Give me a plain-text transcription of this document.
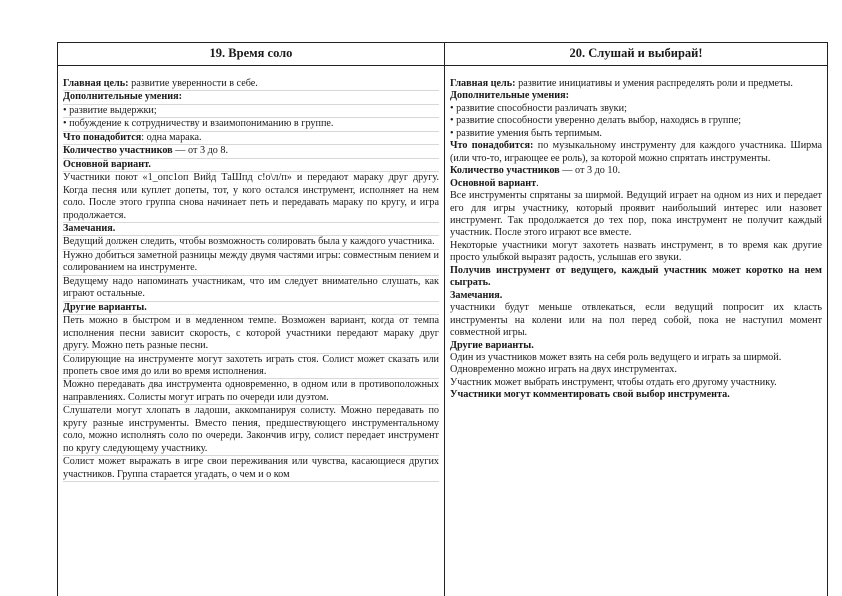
19. Время соло

Главная цель: развитие уверенности в себе.

Дополнительные умения:

• развитие выдержки;

• побуждение к сотрудничеству и взаимопониманию в группе.

Что понадобится: одна марака.

Количество участников — от 3 до 8.

Основной вариант.

Участники поют «1_опс1оп Вийд ТаШпд с!о\л/п» и передают мараку друг другу. Когда песня или куплет допеты, тот, у кого остался инструмент, исполняет на нем соло. После этого группа снова начинает петь и передавать мараку по кругу, и игра продолжается.

Замечания.

Ведущий должен следить, чтобы возможность солировать была у каждого участника.

Нужно добиться заметной разницы между двумя частями игры: совместным пением и солированием на инструменте.

Ведущему надо напоминать участникам, что им следует внимательно слушать, как играют остальные.

Другие варианты.

Петь можно в быстром и в медленном темпе. Возможен вариант, когда от темпа исполнения песни зависит скорость, с которой участники передают мараку друг другу. Можно петь разные песни.

Солирующие на инструменте могут захотеть играть стоя. Солист может сказать или пропеть свое имя до или во время исполнения.

Можно передавать два инструмента одновременно, в одном или в противоположных направлениях. Солисты могут играть по очереди или дуэтом.

Слушатели могут хлопать в ладоши, аккомпанируя солисту. Можно передавать по кругу разные инструменты. Вместо пения, предшествующего инструментальному соло, можно исполнять соло по очереди. Закончив игру, солист передает инструмент по кругу следующему участнику.

Солист может выражать в игре свои переживания или чувства, касающиеся других участников. Группа старается угадать, о чем и о ком

20. Слушай и выбирай!

Главная цель: развитие инициативы и умения распределять роли и предметы.

Дополнительные умения:

• развитие способности различать звуки;

• развитие способности уверенно делать выбор, находясь в группе;

• развитие умения быть терпимым.

Что понадобится: по музыкальному инструменту для каждого участника. Ширма (или что-то, играющее ее роль), за которой можно спрятать инструменты.

Количество участников — от 3 до 10.

Основной вариант.

Все инструменты спрятаны за ширмой. Ведущий играет на одном из них и передает его для игры участнику, который проявит наибольший интерес или назовет инструмент. Так продолжается до тех пор, пока инструмент не получит каждый участник. После этого играют все вместе.

Некоторые участники могут захотеть назвать инструмент, в то время как другие просто улыбкой выразят радость, услышав его звуки.

Получив инструмент от ведущего, каждый участник может коротко на нем сыграть.

Замечания.

участники будут меньше отвлекаться, если ведущий попросит их класть инструменты на колени или на пол перед собой, пока не наступил момент совместной игры.

Другие варианты.

Один из участников может взять на себя роль ведущего и играть за ширмой.

Одновременно можно играть на двух инструментах.

Участник может выбрать инструмент, чтобы отдать его другому участнику.

Участники могут комментировать свой выбор инструмента.
